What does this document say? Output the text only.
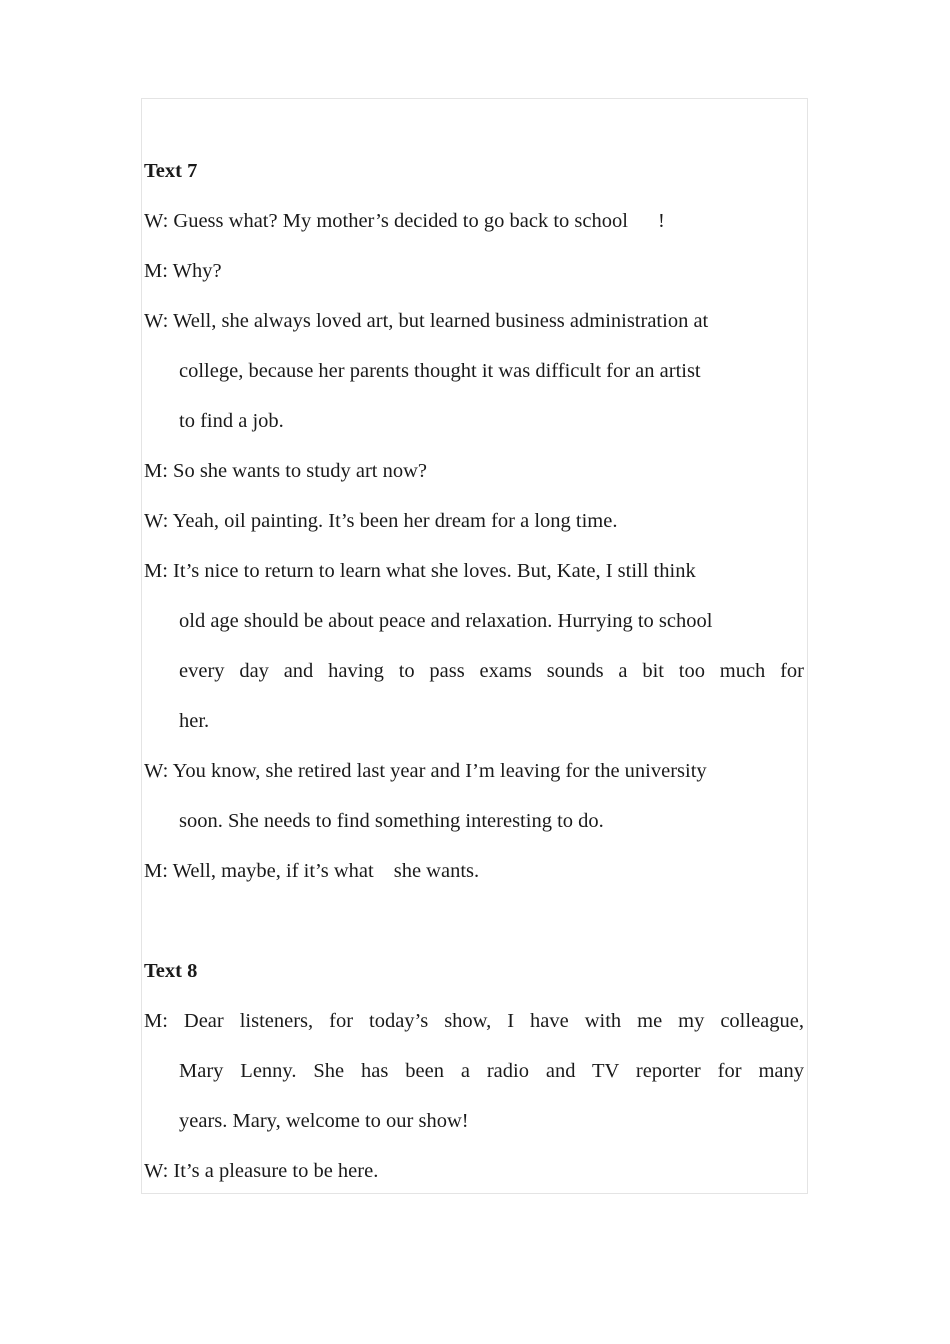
Text 7

W: Guess what? My mother’s decided to go back to school !

M: Why?

W: Well, she always loved art, but learned business administration at

college, because her parents thought it was difficult for an artist

to find a job.

M: So she wants to study art now?

W: Yeah, oil painting. It’s been her dream for a long time.

M: It’s nice to return to learn what she loves. But, Kate, I still think

old age should be about peace and relaxation. Hurrying to school

every day and having to pass exams sounds a bit too much for

her.

W: You know, she retired last year and I’m leaving for the university

soon. She needs to find something interesting to do.

M: Well, maybe, if it’s what she wants.

Text 8

M: Dear listeners, for today’s show, I have with me my colleague,

Mary Lenny. She has been a radio and TV reporter for many

years. Mary, welcome to our show!

W: It’s a pleasure to be here.
